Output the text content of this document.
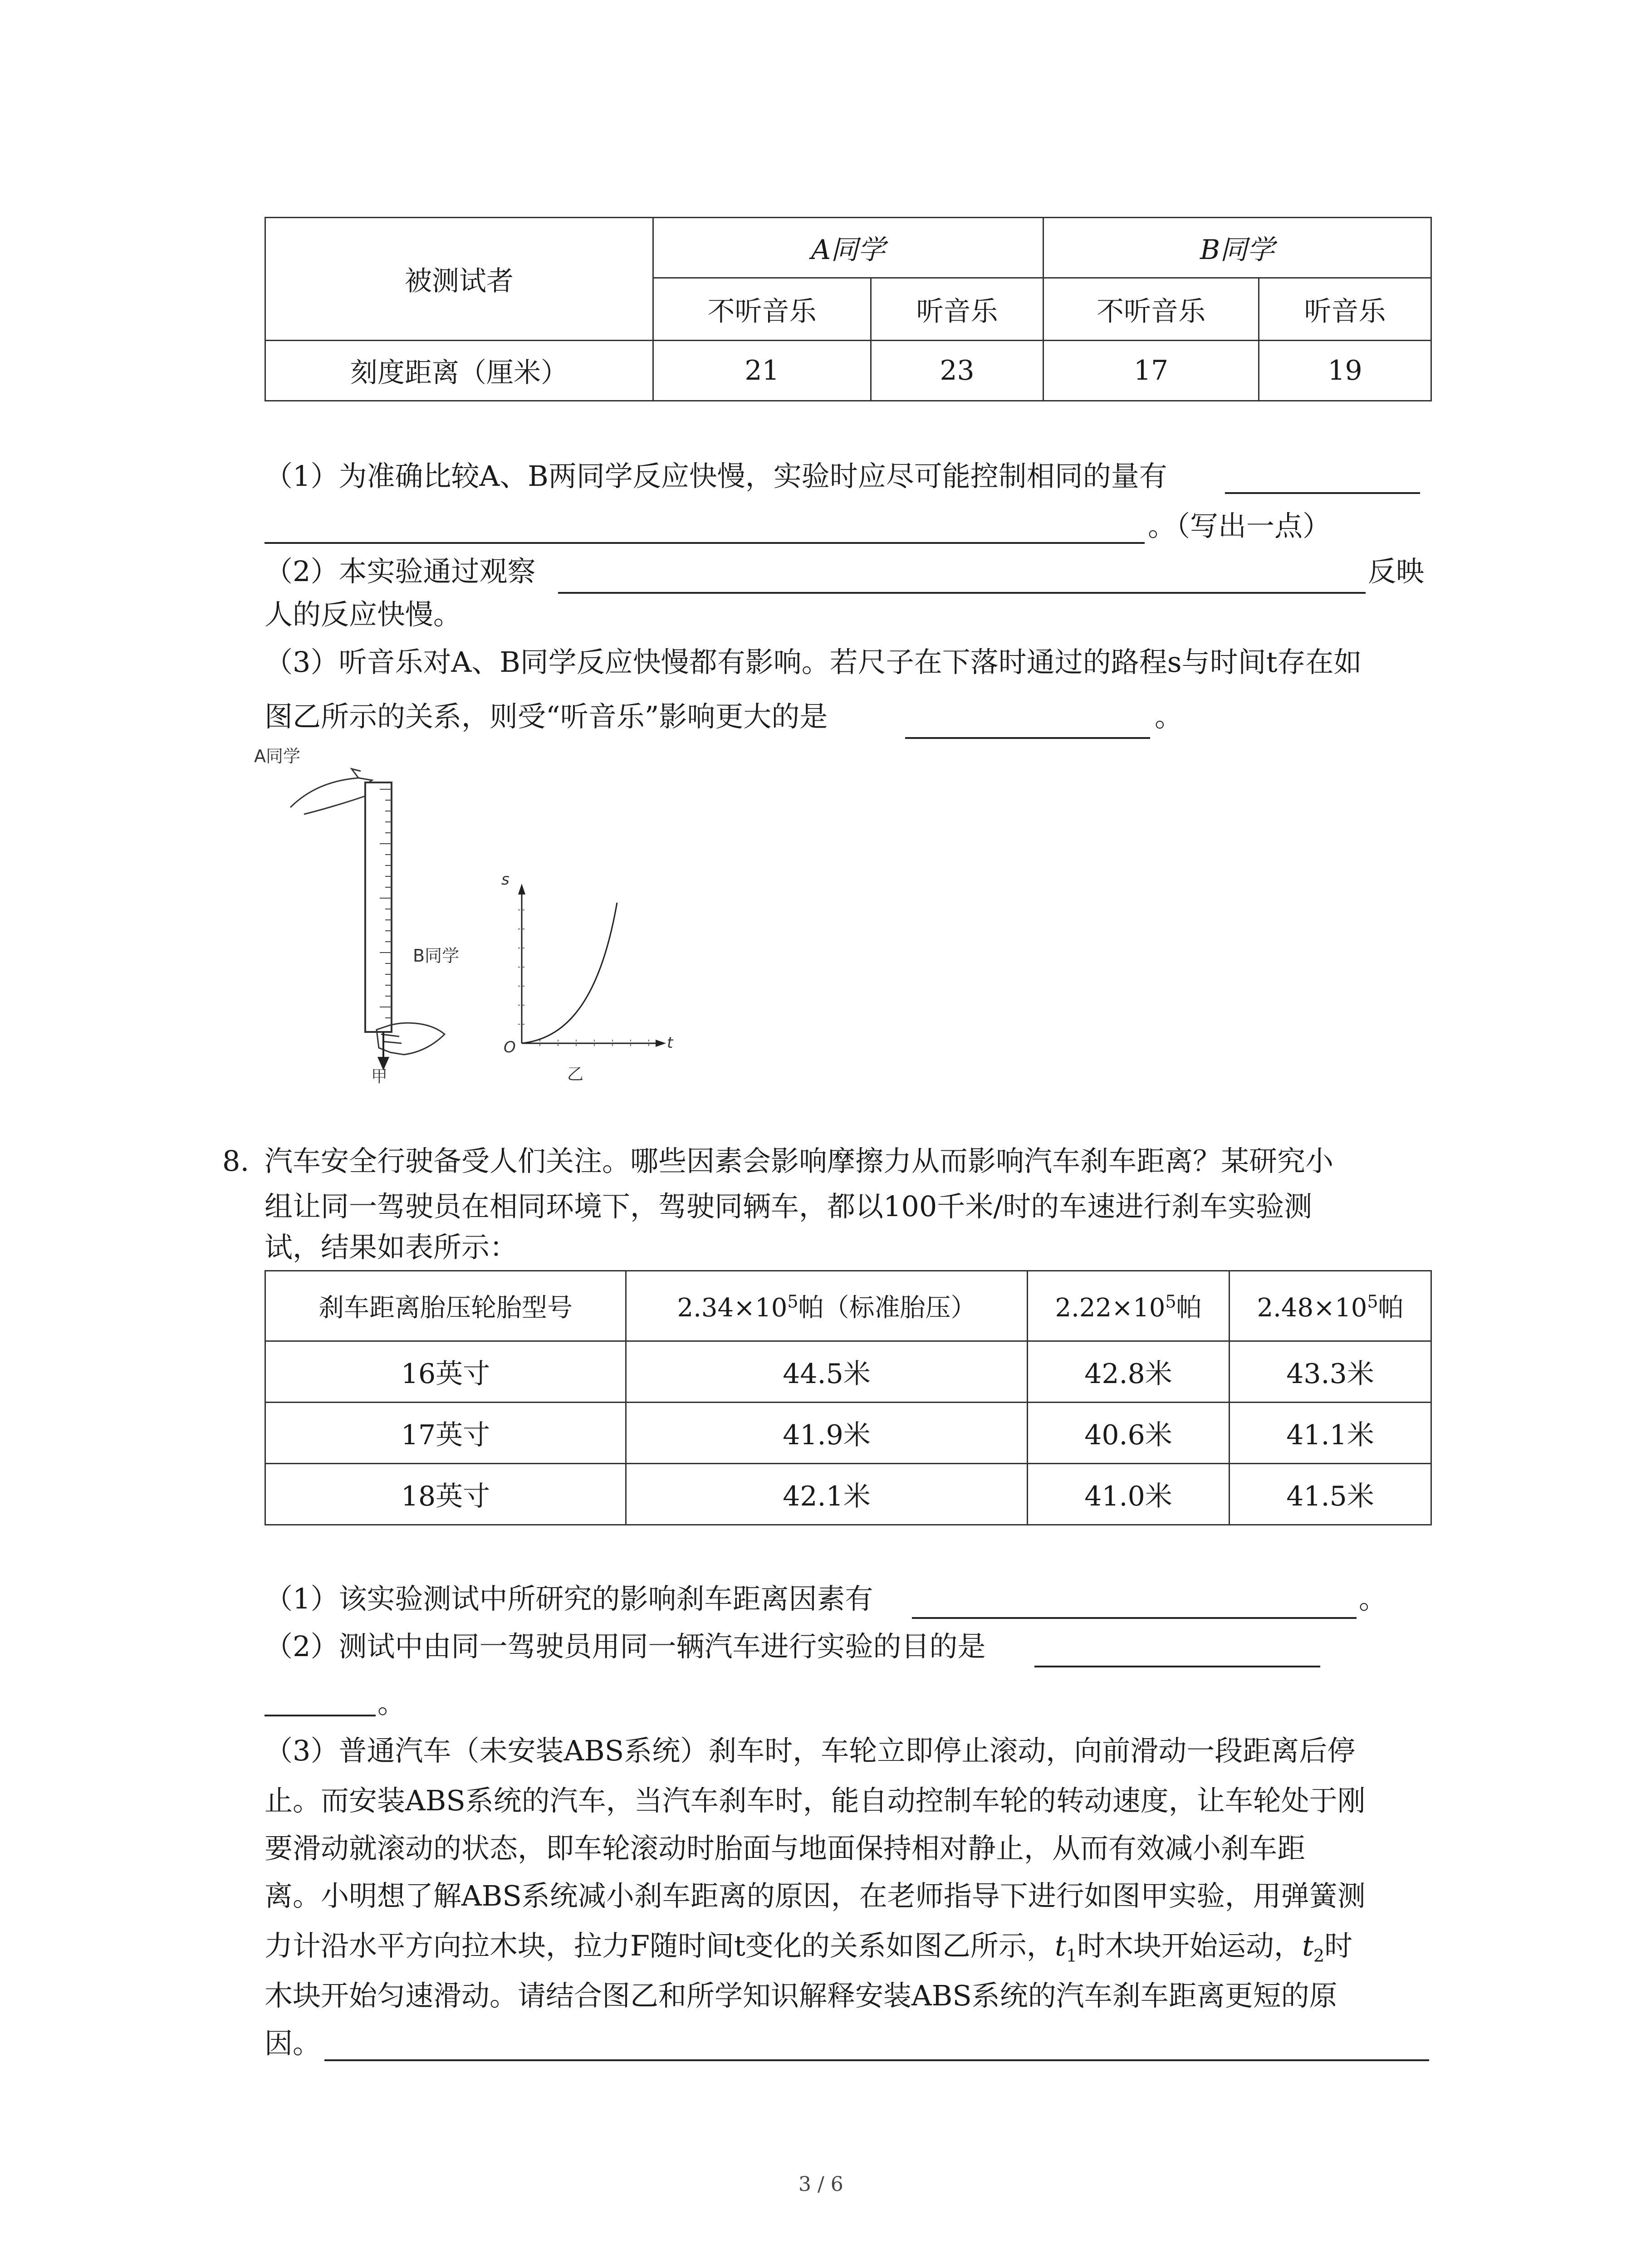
被测试者	A同学		B同学	
	不听音乐	听音乐	不听音乐	听音乐
刻度距离（厘米）	21	23	17	19
（1）为准确比较A、B两同学反应快慢，实验时应尽可能控制相同的量有
。（写出一点）
（2）本实验通过观察	反映
人的反应快慢。
（3）听音乐对A、B同学反应快慢都有影响。若尺子在下落时通过的路程s与时间t存在如
图乙所示的关系，则受“听音乐”影响更大的是	。
A同学
B同学
甲
s
t
O
乙
8. 汽车安全行驶备受人们关注。哪些因素会影响摩擦力从而影响汽车刹车距离？某研究小
组让同一驾驶员在相同环境下，驾驶同辆车，都以100千米/时的车速进行刹车实验测
试，结果如表所示：
刹车距离胎压轮胎型号	$2.34\times 10^5$帕（标准胎压）	$2.22\times 10^5$帕	$2.48\times 10^5$帕
16英寸	44.5米	42.8米	43.3米
17英寸	41.9米	40.6米	41.1米
18英寸	42.1米	41.0米	41.5米
（1）该实验测试中所研究的影响刹车距离因素有	。
（2）测试中由同一驾驶员用同一辆汽车进行实验的目的是
。
（3）普通汽车（未安装ABS系统）刹车时，车轮立即停止滚动，向前滑动一段距离后停
止。而安装ABS系统的汽车，当汽车刹车时，能自动控制车轮的转动速度，让车轮处于刚
要滑动就滚动的状态，即车轮滚动时胎面与地面保持相对静止，从而有效减小刹车距
离。小明想了解ABS系统减小刹车距离的原因，在老师指导下进行如图甲实验，用弹簧测
力计沿水平方向拉木块，拉力F随时间t变化的关系如图乙所示，$t_1$时木块开始运动，$t_2$时
木块开始匀速滑动。请结合图乙和所学知识解释安装ABS系统的汽车刹车距离更短的原
因。
3 / 6
